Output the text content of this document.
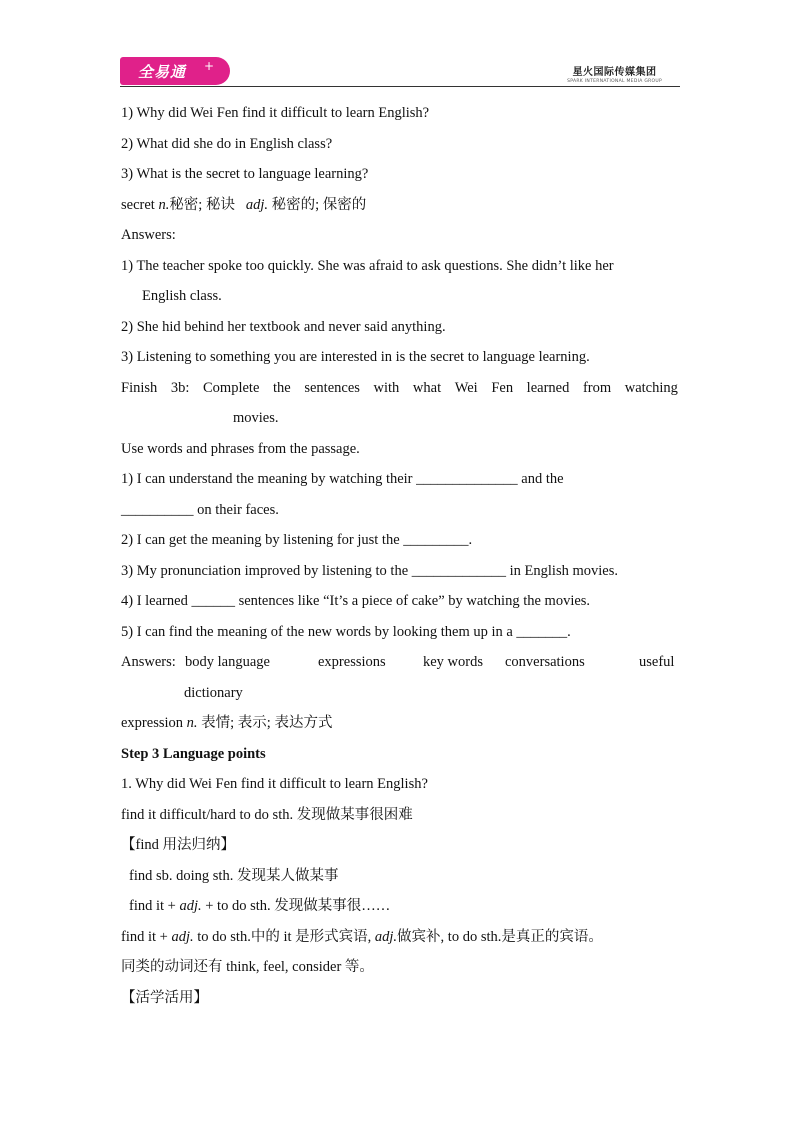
全易通 +	星火国际传媒集团
SPARK INTERNATIONAL MEDIA GROUP
1) Why did Wei Fen find it difficult to learn English?
2) What did she do in English class?
3) What is the secret to language learning?
secret n.秘密; 秘诀   adj. 秘密的; 保密的
Answers:
1) The teacher spoke too quickly. She was afraid to ask questions. She didn’t like her
English class.
2) She hid behind her textbook and never said anything.
3) Listening to something you are interested in is the secret to language learning.
Finish 3b: Complete the sentences with what Wei Fen learned from watching
movies.
Use words and phrases from the passage.
1) I can understand the meaning by watching their ______________ and the
__________ on their faces.
2) I can get the meaning by listening for just the _________.
3) My pronunciation improved by listening to the _____________ in English movies.
4) I learned ______ sentences like “It’s a piece of cake” by watching the movies.
5) I can find the meaning of the new words by looking them up in a _______.
Answers: body language	expressions	key words	conversations	useful
dictionary
expression n. 表情; 表示; 表达方式
Step 3 Language points
1. Why did Wei Fen find it difficult to learn English?
find it difficult/hard to do sth. 发现做某事很困难
【find 用法归纳】
find sb. doing sth. 发现某人做某事
find it + adj. + to do sth. 发现做某事很……
find it + adj. to do sth.中的 it 是形式宾语, adj.做宾补, to do sth.是真正的宾语。
同类的动词还有 think, feel, consider 等。
【活学活用】
